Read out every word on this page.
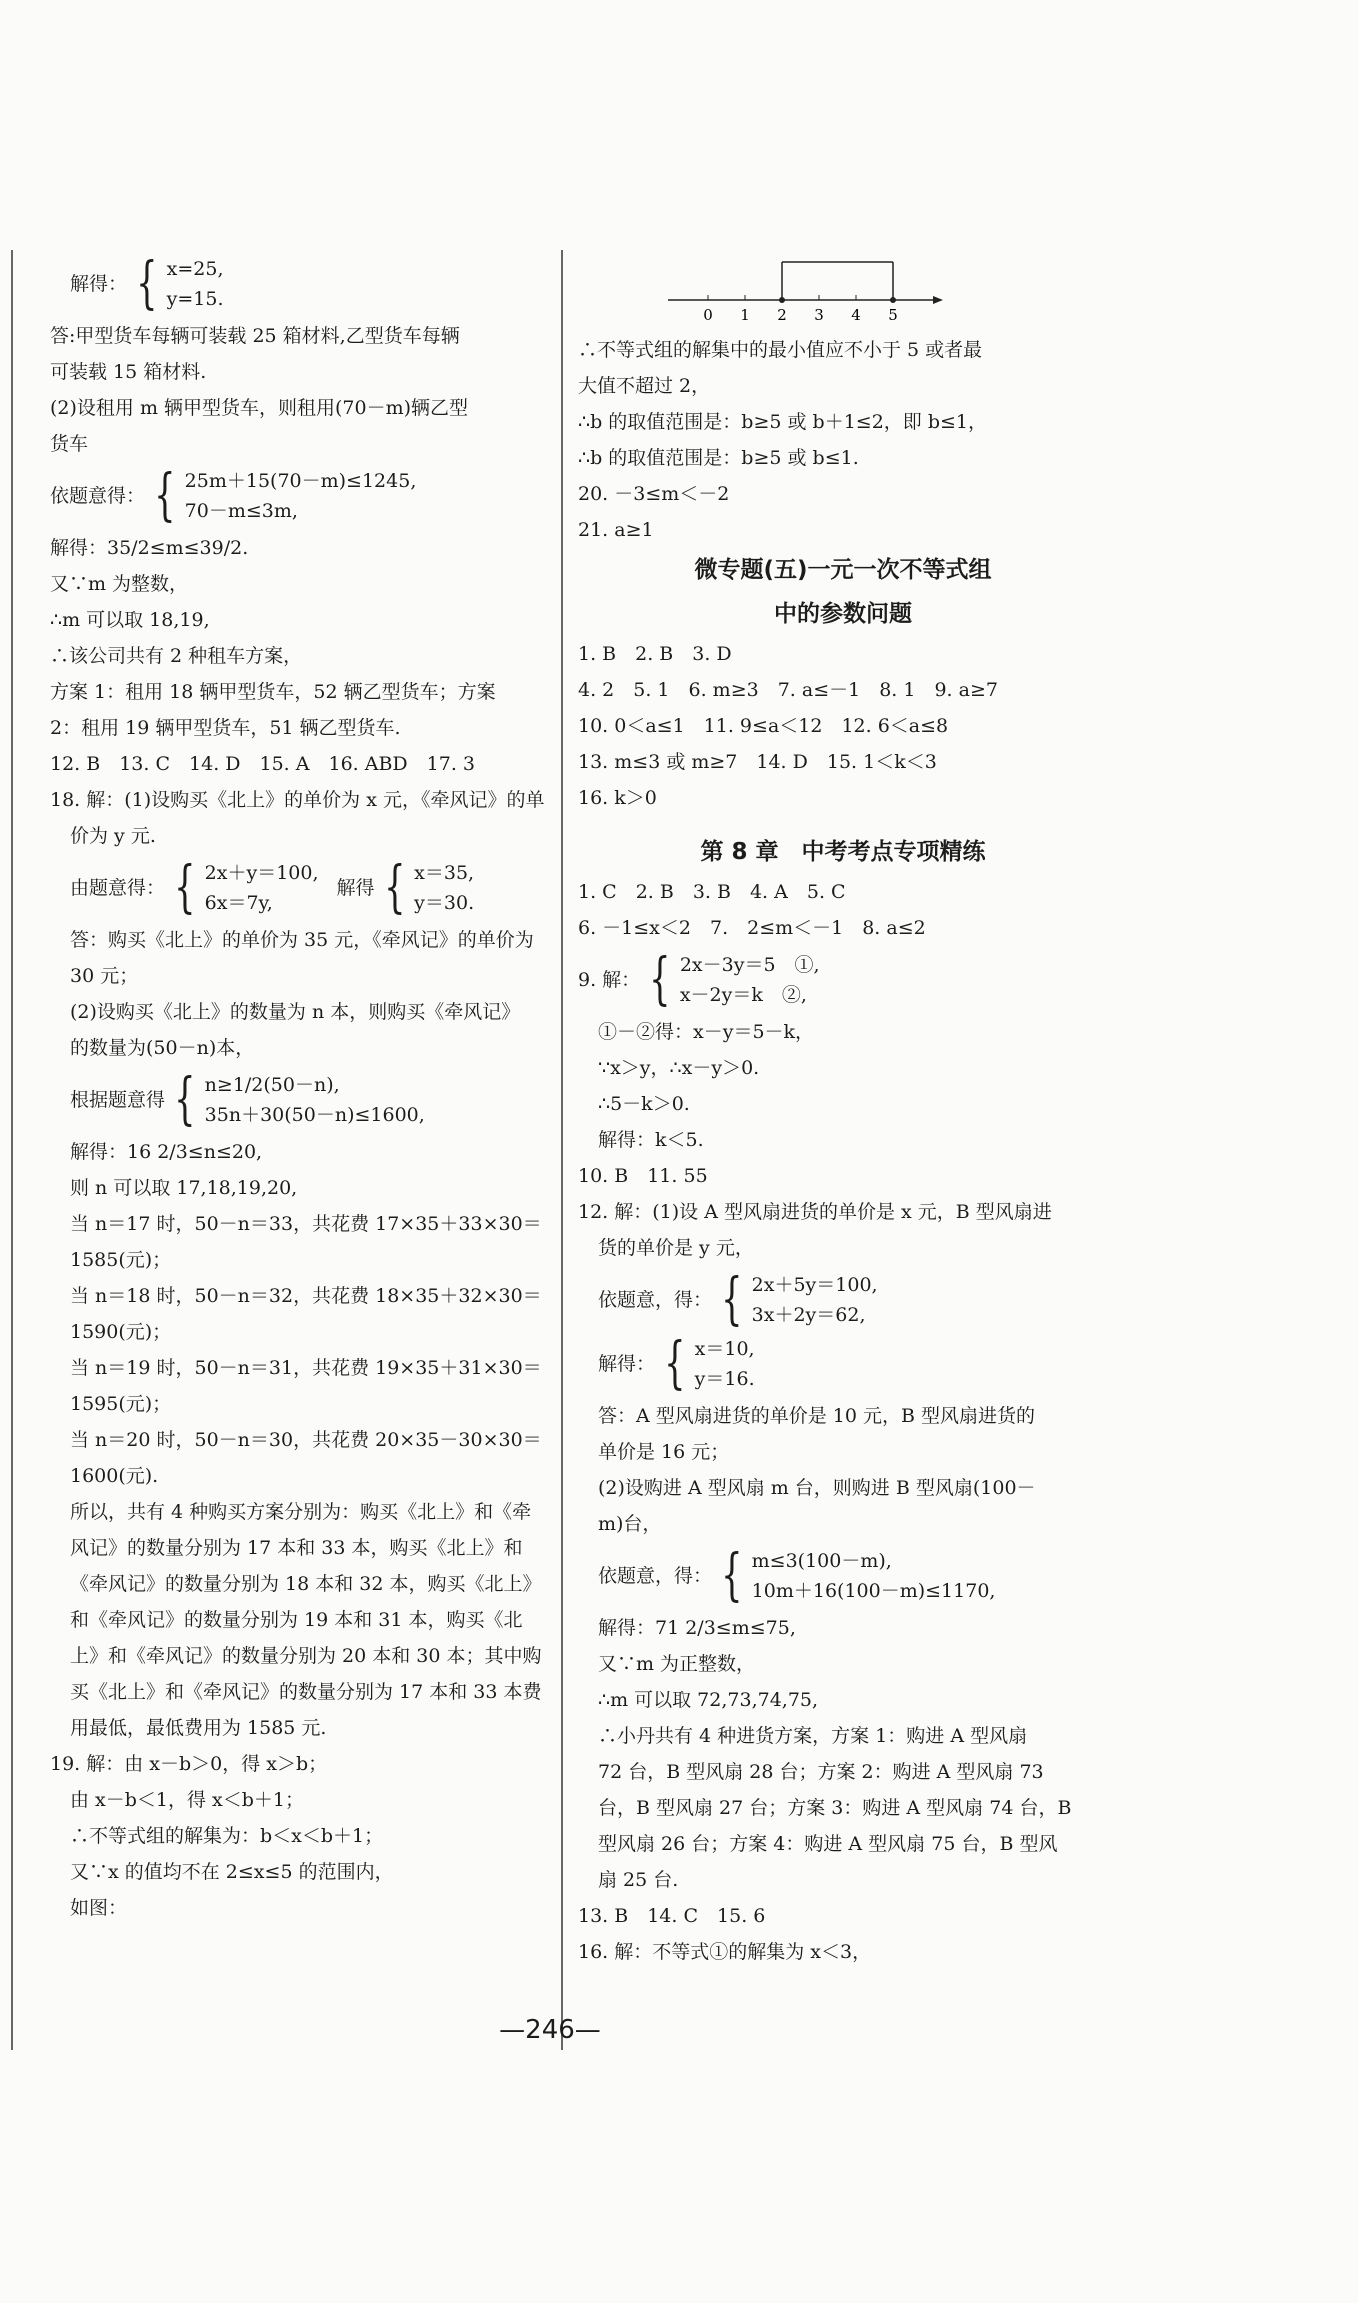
解得： { x=25,
y=15.
答:甲型货车每辆可装载 25 箱材料,乙型货车每辆
可装载 15 箱材料.
(2)设租用 m 辆甲型货车，则租用(70－m)辆乙型
货车
依题意得： { 25m＋15(70－m)≤1245,
70－m≤3m,
解得：35/2≤m≤39/2.
又∵m 为整数，
∴m 可以取 18,19,
∴该公司共有 2 种租车方案，
方案 1：租用 18 辆甲型货车，52 辆乙型货车；方案
2：租用 19 辆甲型货车，51 辆乙型货车.
12. B　13. C　14. D　15. A　16. ABD　17. 3
18. 解：(1)设购买《北上》的单价为 x 元，《牵风记》的单
价为 y 元.
由题意得： { 2x＋y＝100,
6x＝7y,
解得 { x＝35,
y＝30.
答：购买《北上》的单价为 35 元，《牵风记》的单价为
30 元；
(2)设购买《北上》的数量为 n 本，则购买《牵风记》
的数量为(50－n)本，
根据题意得 { n≥1/2(50－n),
35n＋30(50－n)≤1600,
解得：16 2/3≤n≤20,
则 n 可以取 17,18,19,20,
当 n＝17 时，50－n＝33，共花费 17×35＋33×30＝
1585(元)；
当 n＝18 时，50－n＝32，共花费 18×35＋32×30＝
1590(元)；
当 n＝19 时，50－n＝31，共花费 19×35＋31×30＝
1595(元)；
当 n＝20 时，50－n＝30，共花费 20×35－30×30＝
1600(元).
所以，共有 4 种购买方案分别为：购买《北上》和《牵
风记》的数量分别为 17 本和 33 本，购买《北上》和
《牵风记》的数量分别为 18 本和 32 本，购买《北上》
和《牵风记》的数量分别为 19 本和 31 本，购买《北
上》和《牵风记》的数量分别为 20 本和 30 本；其中购
买《北上》和《牵风记》的数量分别为 17 本和 33 本费
用最低，最低费用为 1585 元.
19. 解：由 x－b＞0，得 x＞b；
由 x－b＜1，得 x＜b＋1；
∴不等式组的解集为：b＜x＜b＋1；
又∵x 的值均不在 2≤x≤5 的范围内，
如图：
0 1 2 3 4 5
∴不等式组的解集中的最小值应不小于 5 或者最
大值不超过 2，
∴b 的取值范围是：b≥5 或 b＋1≤2，即 b≤1，
∴b 的取值范围是：b≥5 或 b≤1.
20. －3≤m＜－2
21. a≥1
微专题(五)一元一次不等式组
中的参数问题
1. B　2. B　3. D
4. 2　5. 1　6. m≥3　7. a≤－1　8. 1　9. a≥7
10. 0＜a≤1　11. 9≤a＜12　12. 6＜a≤8
13. m≤3 或 m≥7　14. D　15. 1＜k＜3
16. k＞0
第 8 章　中考考点专项精练
1. C　2. B　3. B　4. A　5. C
6. －1≤x＜2　7.　2≤m＜－1　8. a≤2
9. 解： { 2x－3y＝5　①,
x－2y＝k　②,
①－②得：x－y＝5－k，
∵x＞y，∴x－y＞0.
∴5－k＞0.
解得：k＜5.
10. B　11. 55
12. 解：(1)设 A 型风扇进货的单价是 x 元，B 型风扇进
货的单价是 y 元，
依题意，得： { 2x＋5y＝100,
3x＋2y＝62,
解得： { x＝10,
y＝16.
答：A 型风扇进货的单价是 10 元，B 型风扇进货的
单价是 16 元；
(2)设购进 A 型风扇 m 台，则购进 B 型风扇(100－
m)台，
依题意，得： { m≤3(100－m),
10m＋16(100－m)≤1170,
解得：71 2/3≤m≤75,
又∵m 为正整数，
∴m 可以取 72,73,74,75,
∴小丹共有 4 种进货方案，方案 1：购进 A 型风扇
72 台，B 型风扇 28 台；方案 2：购进 A 型风扇 73
台，B 型风扇 27 台；方案 3：购进 A 型风扇 74 台，B
型风扇 26 台；方案 4：购进 A 型风扇 75 台，B 型风
扇 25 台.
13. B　14. C　15. 6
16. 解：不等式①的解集为 x＜3，
—246—
